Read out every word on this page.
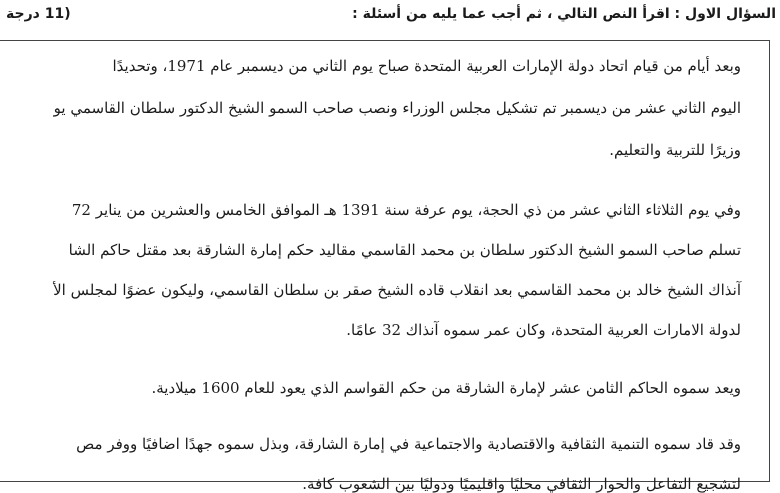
السؤال الاول : اقرأ النص التالي ، ثم أجب عما يليه من أسئلة :
(11 درجة
وبعد أيام من قيام اتحاد دولة الإمارات العربية المتحدة صباح يوم الثاني من ديسمبر عام 1971، وتحديدًا
اليوم الثاني عشر من ديسمبر تم تشكيل مجلس الوزراء ونصب صاحب السمو الشيخ الدكتور سلطان القاسمي يو
وزيرًا للتربية والتعليم.
وفي يوم الثلاثاء الثاني عشر من ذي الحجة، يوم عرفة سنة 1391 هـ الموافق الخامس والعشرين من يناير 72
تسلم صاحب السمو الشيخ الدكتور سلطان بن محمد القاسمي مقاليد حكم إمارة الشارقة بعد مقتل حاكم الشا
آنذاك الشيخ خالد بن محمد القاسمي بعد انقلاب قاده الشيخ صقر بن سلطان القاسمي، وليكون عضوًا لمجلس الأ
لدولة الامارات العربية المتحدة، وكان عمر سموه آنذاك 32 عامًا.
ويعد سموه الحاكم الثامن عشر لإمارة الشارقة من حكم القواسم الذي يعود للعام 1600 ميلادية.
وقد قاد سموه التنمية الثقافية والاقتصادية والاجتماعية في إمارة الشارقة، وبذل سموه جهدًا اضافيًا ووفر مص
لتشجيع التفاعل والحوار الثقافي محليًا واقليميًا ودوليًا بين الشعوب كافة.
